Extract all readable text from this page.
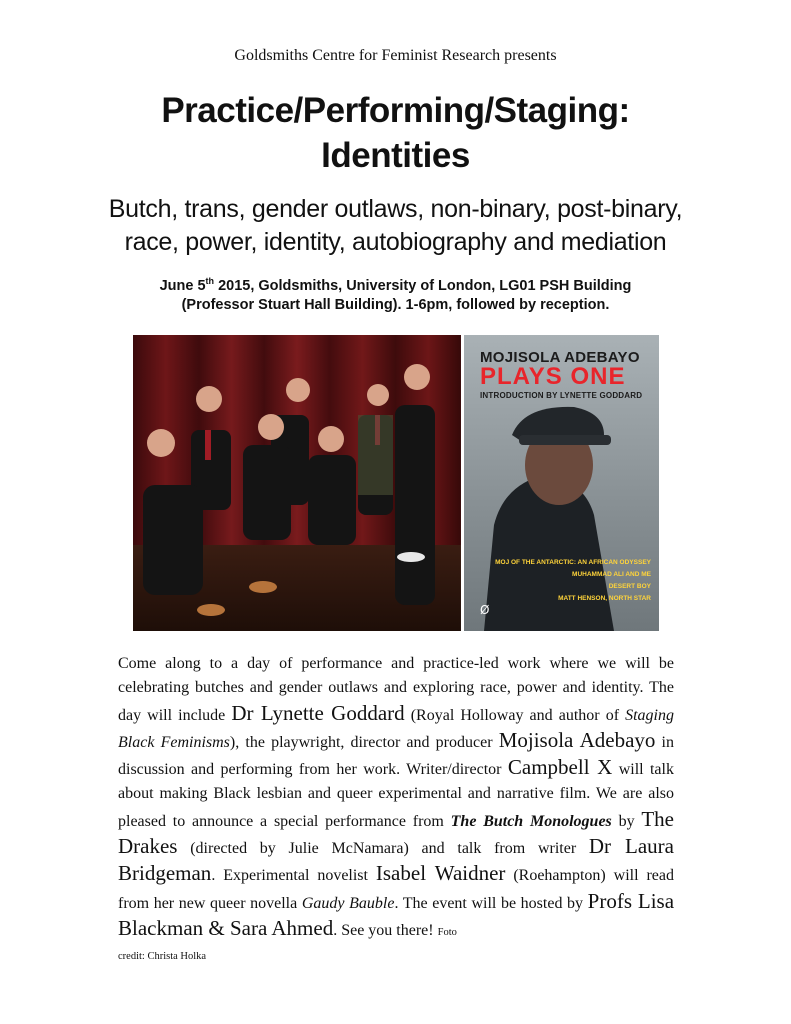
Goldsmiths Centre for Feminist Research presents
Practice/Performing/Staging:
Identities
Butch, trans, gender outlaws, non-binary, post-binary,
race, power, identity, autobiography and mediation
June 5th 2015, Goldsmiths, University of London, LG01 PSH Building
(Professor Stuart Hall Building). 1-6pm, followed by reception.
MOJISOLA ADEBAYO
PLAYS ONE
INTRODUCTION BY LYNETTE GODDARD
MOJ OF THE ANTARCTIC: AN AFRICAN ODYSSEY
MUHAMMAD ALI AND ME
DESERT BOY
MATT HENSON, NORTH STAR
Ø
Come along to a day of performance and practice-led work where we will be celebrating butches and gender outlaws and exploring race, power and identity. The day will include Dr Lynette Goddard (Royal Holloway and author of Staging Black Feminisms), the playwright, director and producer Mojisola Adebayo in discussion and performing from her work. Writer/director Campbell X will talk about making Black lesbian and queer experimental and narrative film. We are also pleased to announce a special performance from The Butch Monologues by The Drakes (directed by Julie McNamara) and talk from writer Dr Laura Bridgeman. Experimental novelist Isabel Waidner (Roehampton) will read from her new queer novella Gaudy Bauble. The event will be hosted by Profs Lisa Blackman & Sara Ahmed. See you there! Foto
credit: Christa Holka
